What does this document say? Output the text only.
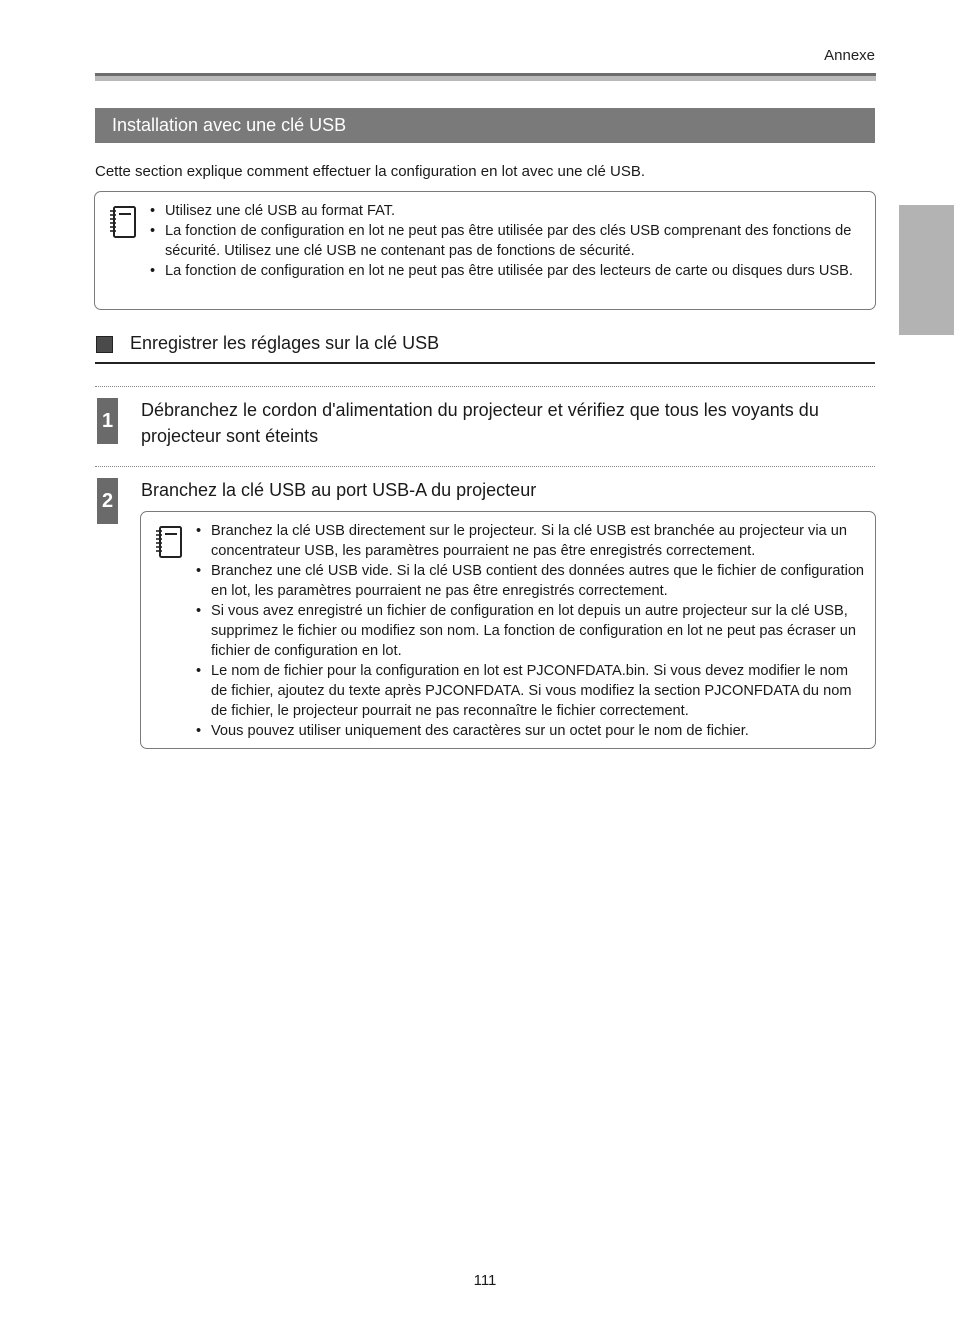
Annexe
Installation avec une clé USB
Cette section explique comment effectuer la configuration en lot avec une clé USB.
• Utilisez une clé USB au format FAT.
• La fonction de configuration en lot ne peut pas être utilisée par des clés USB comprenant des fonctions de sécurité. Utilisez une clé USB ne contenant pas de fonctions de sécurité.
• La fonction de configuration en lot ne peut pas être utilisée par des lecteurs de carte ou disques durs USB.
Enregistrer les réglages sur la clé USB
1 Débranchez le cordon d'alimentation du projecteur et vérifiez que tous les voyants du projecteur sont éteints
2 Branchez la clé USB au port USB-A du projecteur
• Branchez la clé USB directement sur le projecteur. Si la clé USB est branchée au projecteur via un concentrateur USB, les paramètres pourraient ne pas être enregistrés correctement.
• Branchez une clé USB vide. Si la clé USB contient des données autres que le fichier de configuration en lot, les paramètres pourraient ne pas être enregistrés correctement.
• Si vous avez enregistré un fichier de configuration en lot depuis un autre projecteur sur la clé USB, supprimez le fichier ou modifiez son nom. La fonction de configuration en lot ne peut pas écraser un fichier de configuration en lot.
• Le nom de fichier pour la configuration en lot est PJCONFDATA.bin. Si vous devez modifier le nom de fichier, ajoutez du texte après PJCONFDATA. Si vous modifiez la section PJCONFDATA du nom de fichier, le projecteur pourrait ne pas reconnaître le fichier correctement.
• Vous pouvez utiliser uniquement des caractères sur un octet pour le nom de fichier.
111
